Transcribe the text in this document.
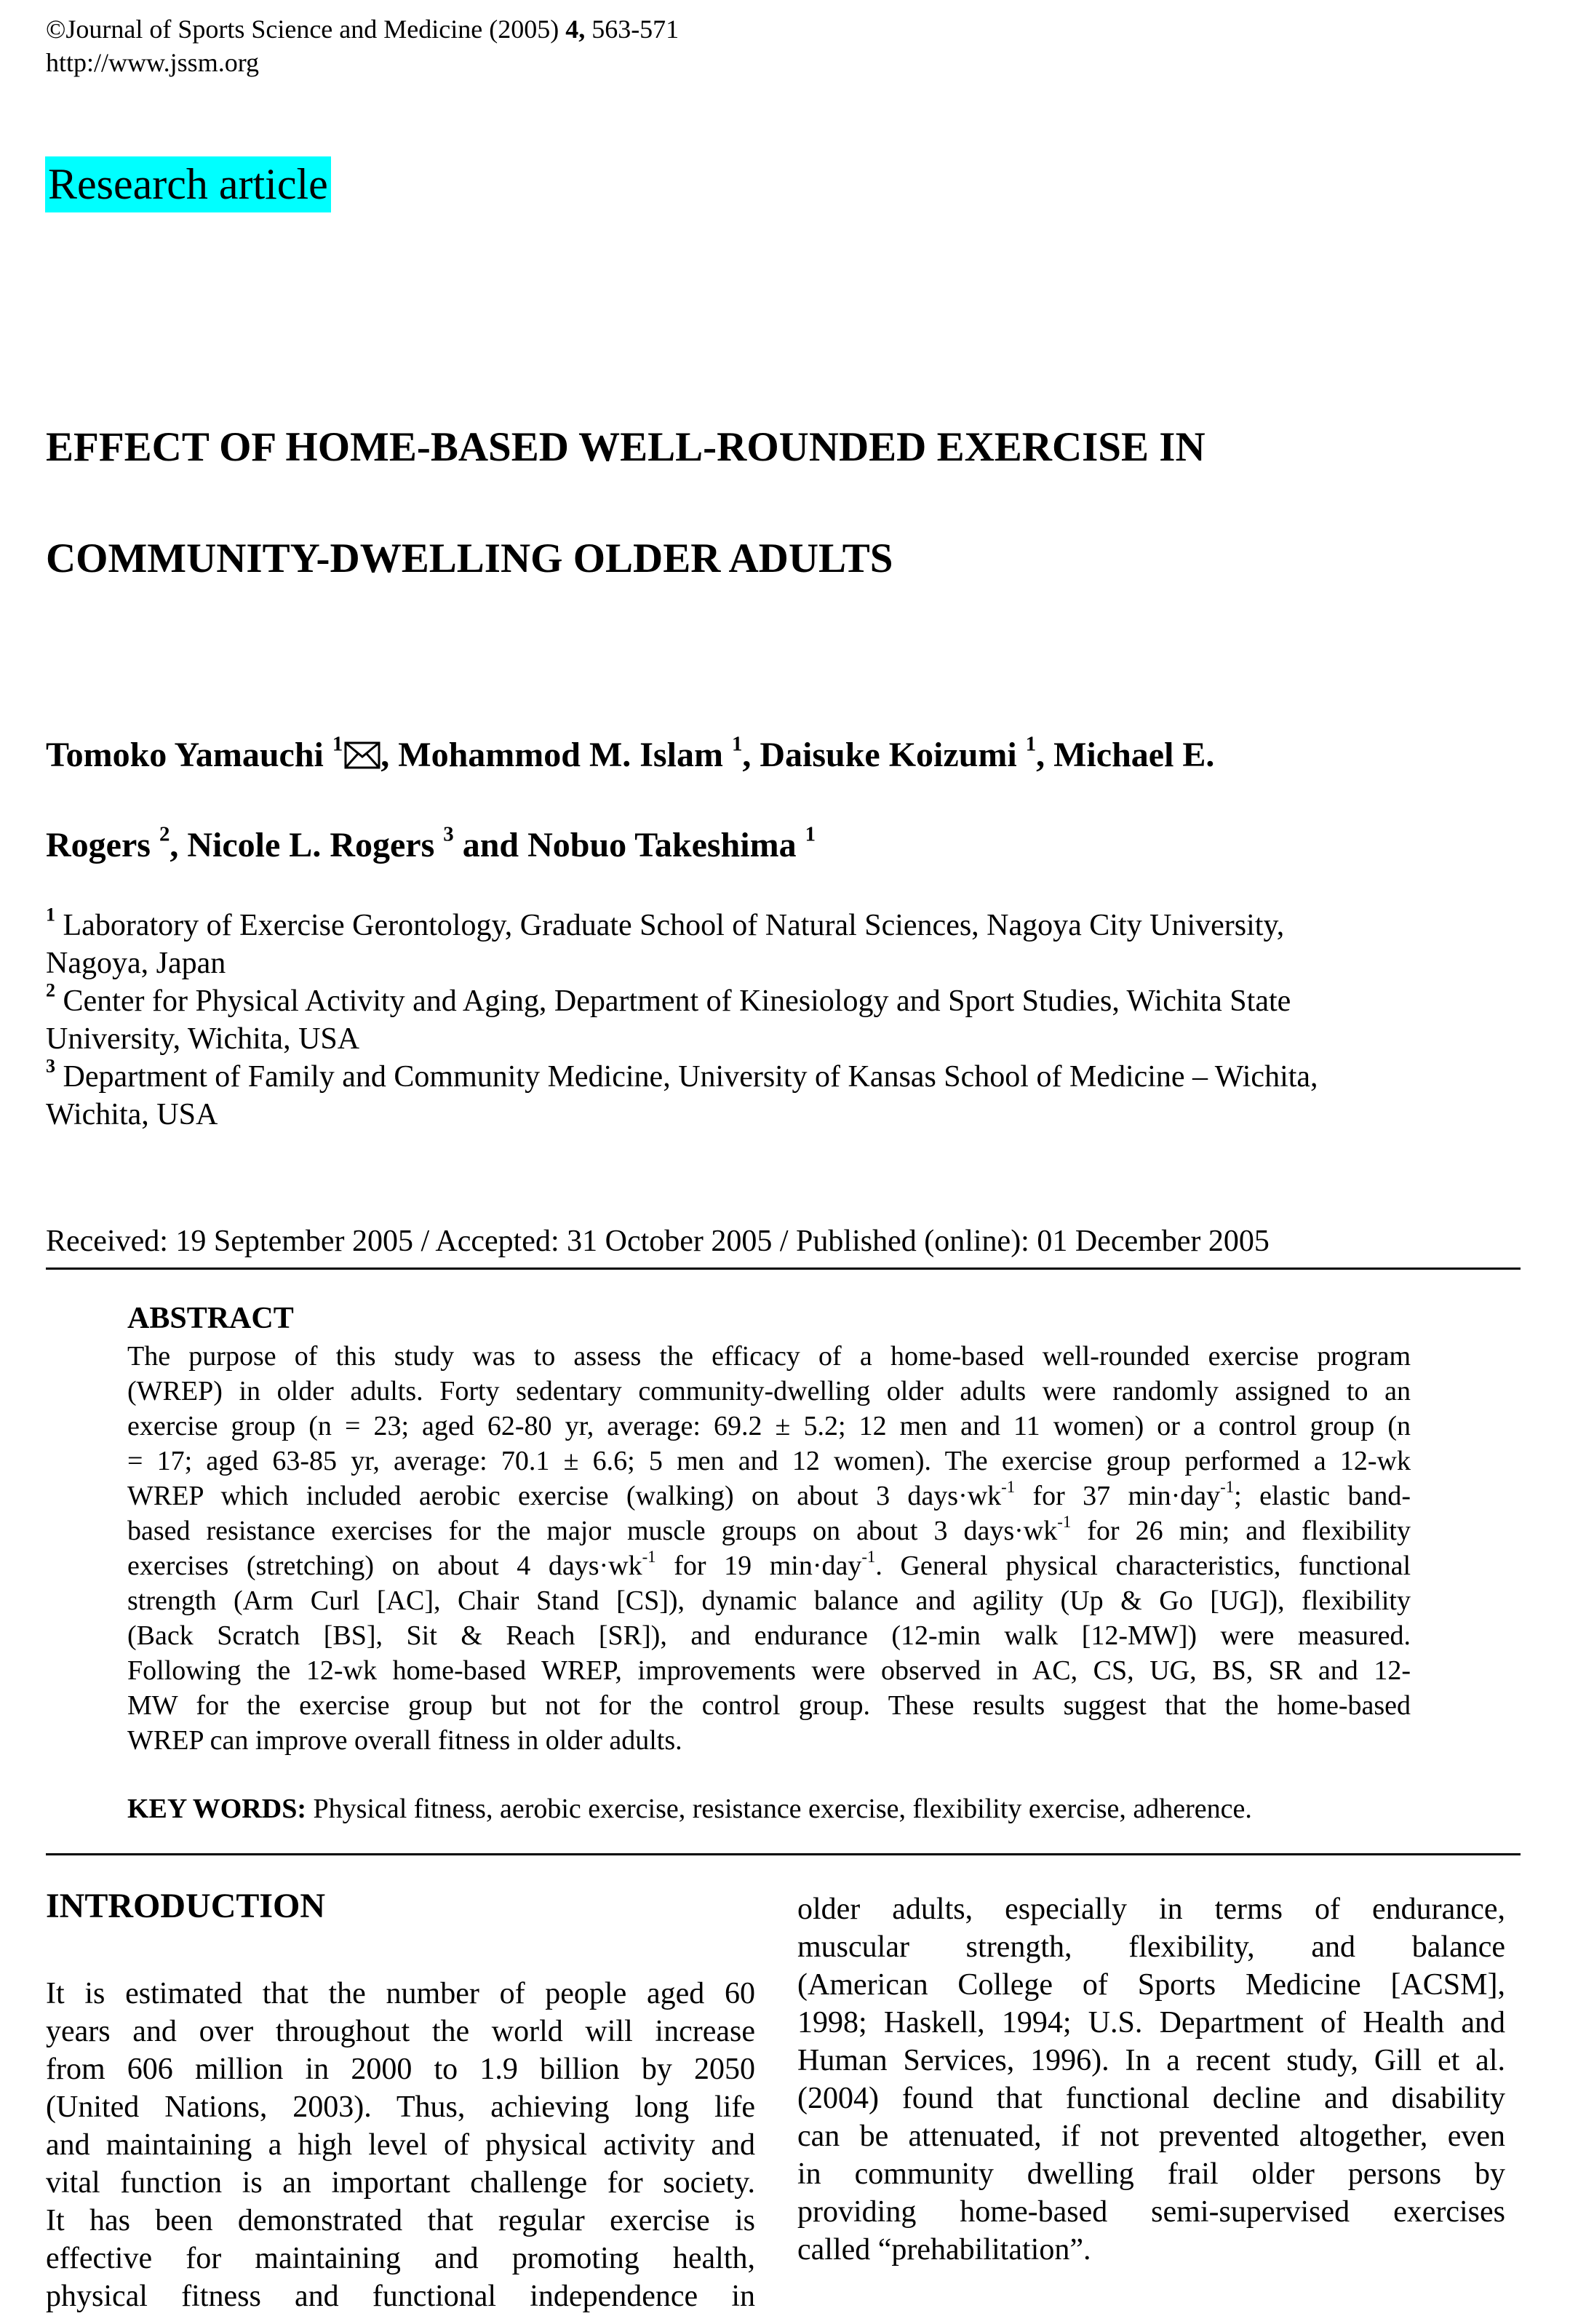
©Journal of Sports Science and Medicine (2005) 4, 563-571
http://www.jssm.org
Research article
EFFECT OF HOME-BASED WELL-ROUNDED EXERCISE IN
COMMUNITY-DWELLING OLDER ADULTS
Tomoko Yamauchi $^1$ , Mohammod M. Islam $^1$, Daisuke Koizumi $^1$, Michael E.
Rogers $^2$, Nicole L. Rogers $^3$ and Nobuo Takeshima $^1$
$^1$ Laboratory of Exercise Gerontology, Graduate School of Natural Sciences, Nagoya City University,
Nagoya, Japan
$^2$ Center for Physical Activity and Aging, Department of Kinesiology and Sport Studies, Wichita State
University, Wichita, USA
$^3$ Department of Family and Community Medicine, University of Kansas School of Medicine – Wichita,
Wichita, USA
Received: 19 September 2005 / Accepted: 31 October 2005 / Published (online): 01 December 2005
ABSTRACT
The purpose of this study was to assess the efficacy of a home-based well-rounded exercise program
(WREP) in older adults. Forty sedentary community-dwelling older adults were randomly assigned to an
exercise group (n = 23; aged 62-80 yr, average: 69.2 ± 5.2; 12 men and 11 women) or a control group (n
= 17; aged 63-85 yr, average: 70.1 ± 6.6; 5 men and 12 women). The exercise group performed a 12-wk
WREP which included aerobic exercise (walking) on about 3 $days\cdot wk^{-1}$ for 37 min·day$^{-1}$; elastic band-
based resistance exercises for the major muscle groups on about 3 $days\cdot wk^{-1}$ for 26 min; and flexibility
exercises (stretching) on about 4 $days\cdot wk^{-1}$ for 19 min·day$^{-1}$. General physical characteristics, functional
strength (Arm Curl [AC], Chair Stand [CS]), dynamic balance and agility (Up & Go [UG]), flexibility
(Back Scratch [BS], Sit & Reach [SR]), and endurance (12-min walk [12-MW]) were measured.
Following the 12-wk home-based WREP, improvements were observed in AC, CS, UG, BS, SR and 12-
MW for the exercise group but not for the control group. These results suggest that the home-based
WREP can improve overall fitness in older adults.
KEY WORDS: Physical fitness, aerobic exercise, resistance exercise, flexibility exercise, adherence.
INTRODUCTION
It is estimated that the number of people aged 60
years and over throughout the world will increase
from 606 million in 2000 to 1.9 billion by 2050
(United Nations, 2003). Thus, achieving long life
and maintaining a high level of physical activity and
vital function is an important challenge for society.
It has been demonstrated that regular exercise is
effective for maintaining and promoting health,
physical fitness and functional independence in
older adults, especially in terms of endurance,
muscular strength, flexibility, and balance
(American College of Sports Medicine [ACSM],
1998; Haskell, 1994; U.S. Department of Health and
Human Services, 1996). In a recent study, Gill et al.
(2004) found that functional decline and disability
can be attenuated, if not prevented altogether, even
in community dwelling frail older persons by
providing home-based semi-supervised exercises
called “prehabilitation”.
